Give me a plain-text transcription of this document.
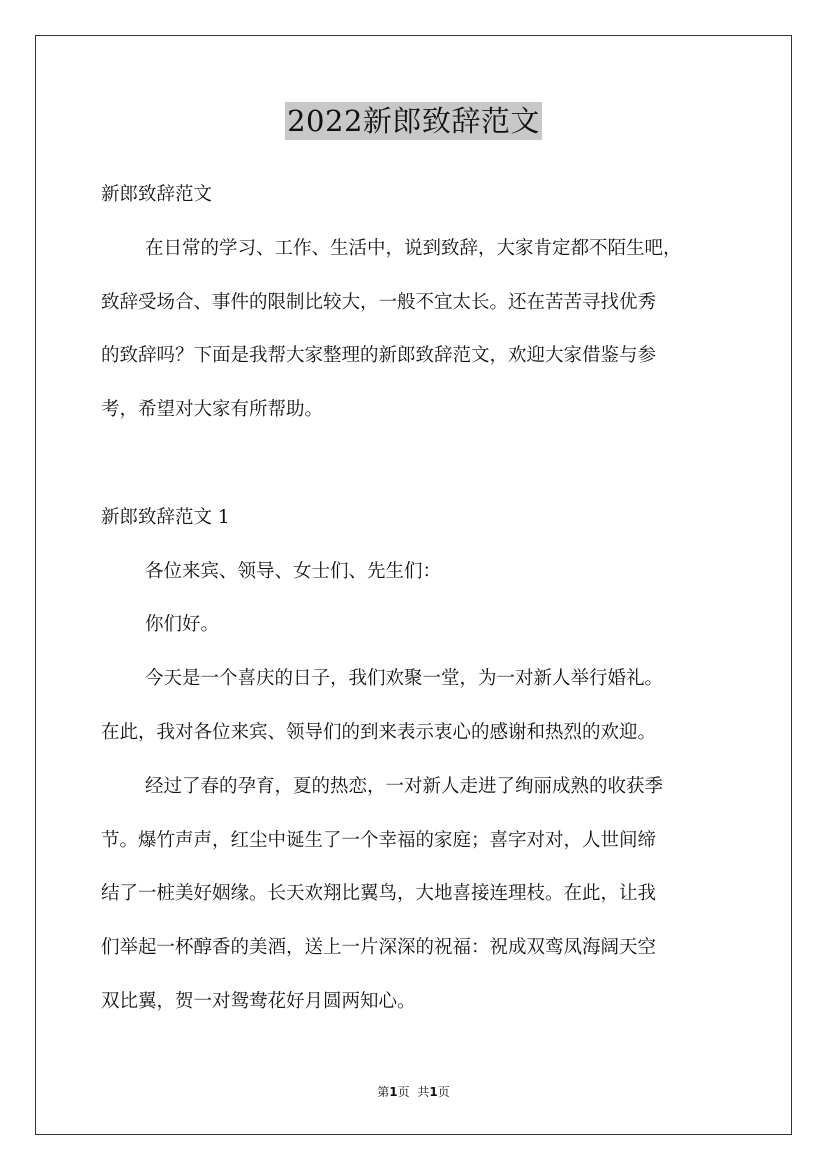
2022新郎致辞范文
新郎致辞范文
在日常的学习、工作、生活中，说到致辞，大家肯定都不陌生吧，
致辞受场合、事件的限制比较大，一般不宜太长。还在苦苦寻找优秀
的致辞吗？下面是我帮大家整理的新郎致辞范文，欢迎大家借鉴与参
考，希望对大家有所帮助。
新郎致辞范文 1
各位来宾、领导、女士们、先生们：
你们好。
今天是一个喜庆的日子，我们欢聚一堂，为一对新人举行婚礼。
在此，我对各位来宾、领导们的到来表示衷心的感谢和热烈的欢迎。
经过了春的孕育，夏的热恋，一对新人走进了绚丽成熟的收获季
节。爆竹声声，红尘中诞生了一个幸福的家庭；喜字对对，人世间缔
结了一桩美好姻缘。长天欢翔比翼鸟，大地喜接连理枝。在此，让我
们举起一杯醇香的美酒，送上一片深深的祝福：祝成双鸾凤海阔天空
双比翼，贺一对鸳鸯花好月圆两知心。
第1页 共1页
